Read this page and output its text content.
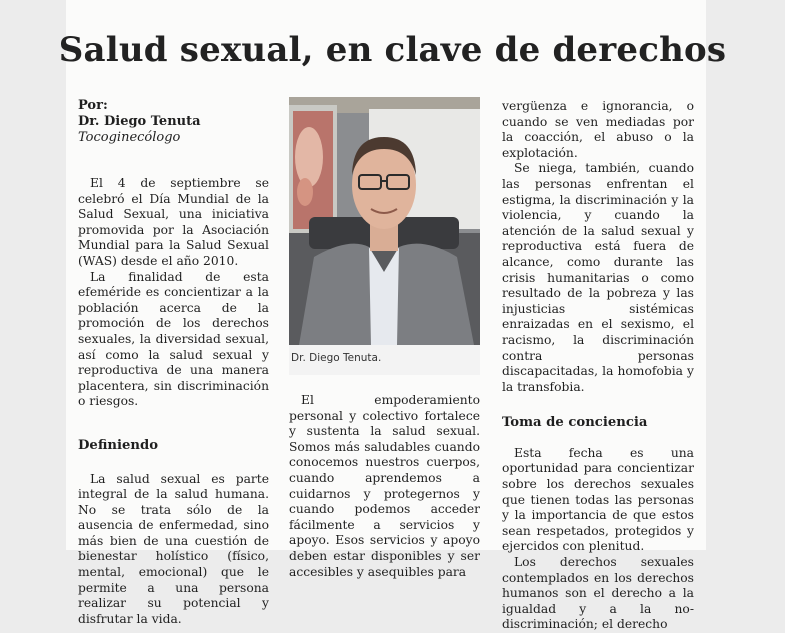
Salud sexual, en clave de derechos
Por:
Dr. Diego Tenuta
Tocoginecólogo

El 4 de septiembre se celebró el Día Mundial de la Salud Sexual, una iniciativa promovida por la Asociación Mundial para la Salud Sexual (WAS) desde el año 2010.

La finalidad de esta efeméride es concientizar a la población acerca de la promoción de los derechos sexuales, la diversidad sexual, así como la salud sexual y reproductiva de una manera placentera, sin discriminación o riesgos.

Definiendo

La salud sexual es parte integral de la salud humana. No se trata sólo de la ausencia de enfermedad, sino más bien de una cuestión de bienestar holístico (físico, mental, emocional) que le permite a una persona realizar su potencial y disfrutar la vida.

Dr. Diego Tenuta.

El empoderamiento personal y colectivo fortalece y sustenta la salud sexual. Somos más saludables cuando conocemos nuestros cuerpos, cuando aprendemos a cuidarnos y protegernos y cuando podemos acceder fácilmente a servicios y apoyo. Esos servicios y apoyo deben estar disponibles y ser accesibles y asequibles para

vergüenza e ignorancia, o cuando se ven mediadas por la coacción, el abuso o la explotación.

Se niega, también, cuando las personas enfrentan el estigma, la discriminación y la violencia, y cuando la atención de la salud sexual y reproductiva está fuera de alcance, como durante las crisis humanitarias o como resultado de la pobreza y las injusticias sistémicas enraizadas en el sexismo, el racismo, la discriminación contra personas discapacitadas, la homofobia y la transfobia.

Toma de conciencia

Esta fecha es una oportunidad para concientizar sobre los derechos sexuales que tienen todas las personas y la importancia de que estos sean respetados, protegidos y ejercidos con plenitud.

Los derechos sexuales contemplados en los derechos humanos son el derecho a la igualdad y a la no-discriminación; el derecho
